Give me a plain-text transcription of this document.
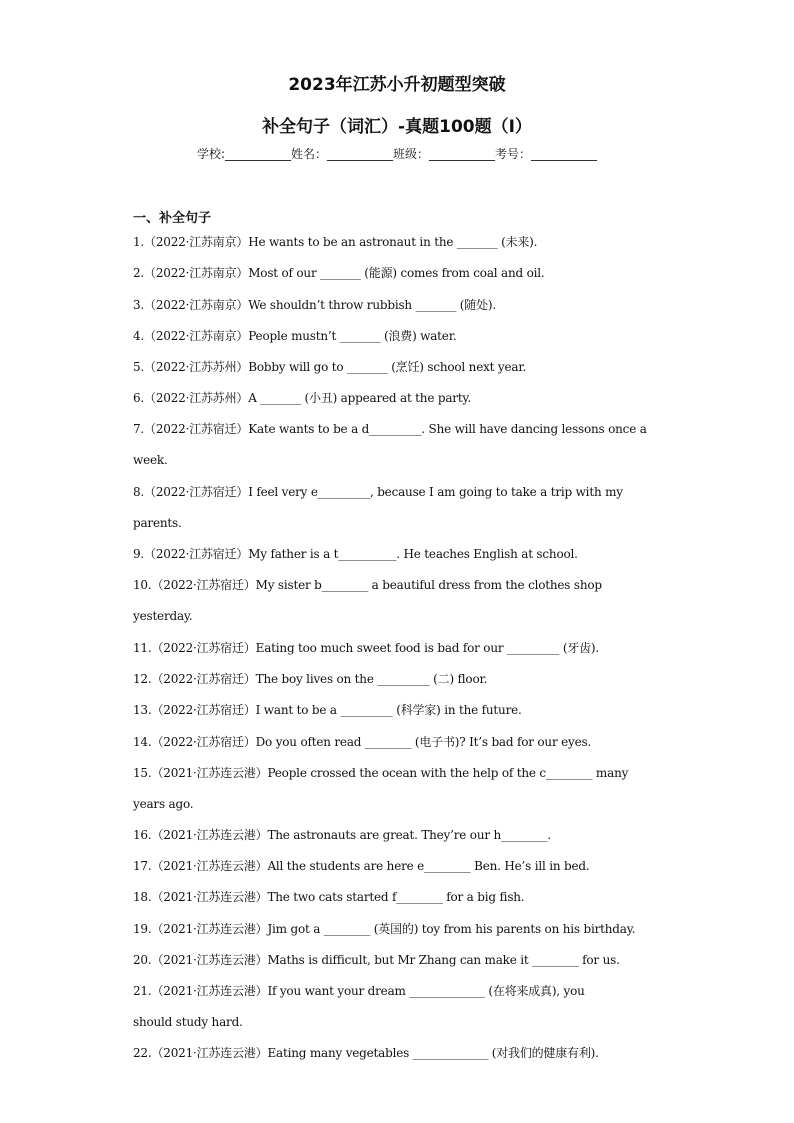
2023年江苏小升初题型突破
补全句子（词汇）-真题100题（Ⅰ）
学校:___________姓名：___________班级：___________考号：___________
一、补全句子
1.（2022·江苏南京）He wants to be an astronaut in the _______ (未来).
2.（2022·江苏南京）Most of our _______ (能源) comes from coal and oil.
3.（2022·江苏南京）We shouldn’t throw rubbish _______ (随处).
4.（2022·江苏南京）People mustn’t _______ (浪费) water.
5.（2022·江苏苏州）Bobby will go to _______ (烹饪) school next year.
6.（2022·江苏苏州）A _______ (小丑) appeared at the party.
7.（2022·江苏宿迁）Kate wants to be a d_________. She will have dancing lessons once a
week.
8.（2022·江苏宿迁）I feel very e_________, because I am going to take a trip with my
parents.
9.（2022·江苏宿迁）My father is a t__________. He teaches English at school.
10.（2022·江苏宿迁）My sister b________ a beautiful dress from the clothes shop
yesterday.
11.（2022·江苏宿迁）Eating too much sweet food is bad for our _________ (牙齿).
12.（2022·江苏宿迁）The boy lives on the _________ (二) floor.
13.（2022·江苏宿迁）I want to be a _________ (科学家) in the future.
14.（2022·江苏宿迁）Do you often read ________ (电子书)? It’s bad for our eyes.
15.（2021·江苏连云港）People crossed the ocean with the help of the c________ many
years ago.
16.（2021·江苏连云港）The astronauts are great. They’re our h________.
17.（2021·江苏连云港）All the students are here e________ Ben. He’s ill in bed.
18.（2021·江苏连云港）The two cats started f________ for a big fish.
19.（2021·江苏连云港）Jim got a ________ (英国的) toy from his parents on his birthday.
20.（2021·江苏连云港）Maths is difficult, but Mr Zhang can make it ________ for us.
21.（2021·江苏连云港）If you want your dream _____________ (在将来成真), you
should study hard.
22.（2021·江苏连云港）Eating many vegetables _____________ (对我们的健康有利).
